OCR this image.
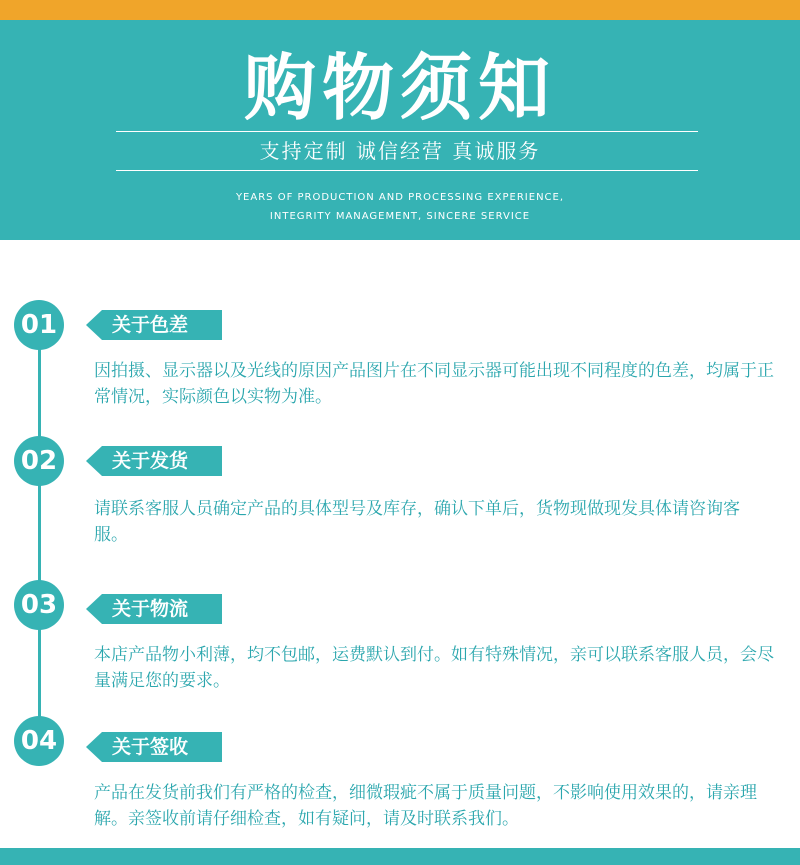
购物须知
支持定制 诚信经营 真诚服务
YEARS OF PRODUCTION AND PROCESSING EXPERIENCE,
INTEGRITY MANAGEMENT, SINCERE SERVICE
01	关于色差
因拍摄、显示器以及光线的原因产品图片在不同显示器可能出现不同程度的色差，均属于正常情况，实际颜色以实物为准。
02	关于发货
请联系客服人员确定产品的具体型号及库存，确认下单后，货物现做现发具体请咨询客服。
03	关于物流
本店产品物小利薄，均不包邮，运费默认到付。如有特殊情况，亲可以联系客服人员，会尽量满足您的要求。
04	关于签收
产品在发货前我们有严格的检查，细微瑕疵不属于质量问题，不影响使用效果的，请亲理解。亲签收前请仔细检查，如有疑问，请及时联系我们。
